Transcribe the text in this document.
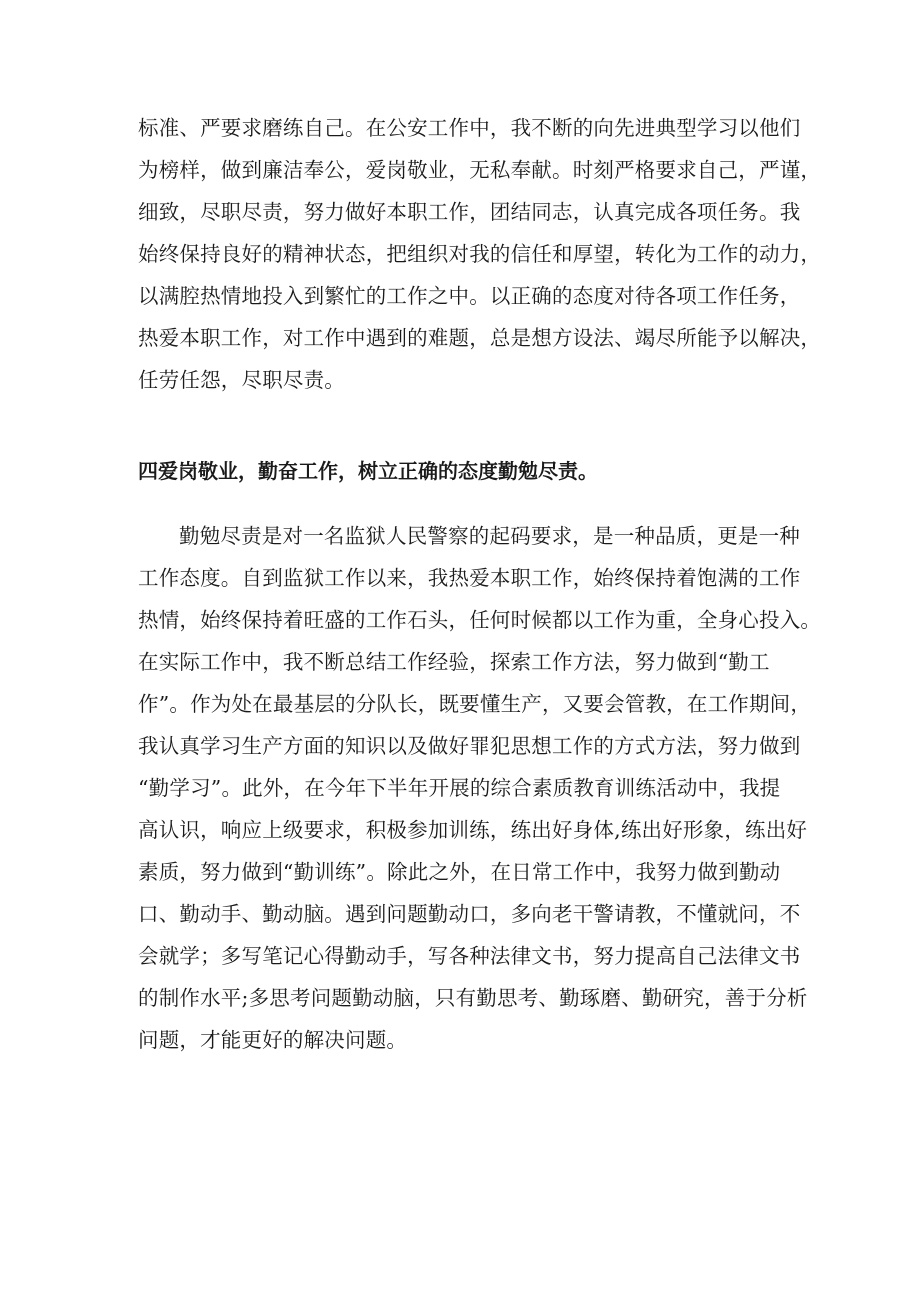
标准、严要求磨练自己。在公安工作中，我不断的向先进典型学习以他们
为榜样，做到廉洁奉公，爱岗敬业，无私奉献。时刻严格要求自己，严谨，
细致，尽职尽责，努力做好本职工作，团结同志，认真完成各项任务。我
始终保持良好的精神状态，把组织对我的信任和厚望，转化为工作的动力，
以满腔热情地投入到繁忙的工作之中。以正确的态度对待各项工作任务，
热爱本职工作，对工作中遇到的难题，总是想方设法、竭尽所能予以解决，
任劳任怨，尽职尽责。
四爱岗敬业，勤奋工作，树立正确的态度勤勉尽责。
勤勉尽责是对一名监狱人民警察的起码要求，是一种品质，更是一种
工作态度。自到监狱工作以来，我热爱本职工作，始终保持着饱满的工作
热情，始终保持着旺盛的工作石头，任何时候都以工作为重，全身心投入。
在实际工作中，我不断总结工作经验，探索工作方法，努力做到“勤工
作”。作为处在最基层的分队长，既要懂生产，又要会管教，在工作期间，
我认真学习生产方面的知识以及做好罪犯思想工作的方式方法，努力做到
“勤学习”。此外，在今年下半年开展的综合素质教育训练活动中，我提
高认识，响应上级要求，积极参加训练，练出好身体,练出好形象，练出好
素质，努力做到“勤训练”。除此之外，在日常工作中，我努力做到勤动
口、勤动手、勤动脑。遇到问题勤动口，多向老干警请教，不懂就问，不
会就学；多写笔记心得勤动手，写各种法律文书，努力提高自己法律文书
的制作水平;多思考问题勤动脑，只有勤思考、勤琢磨、勤研究，善于分析
问题，才能更好的解决问题。
